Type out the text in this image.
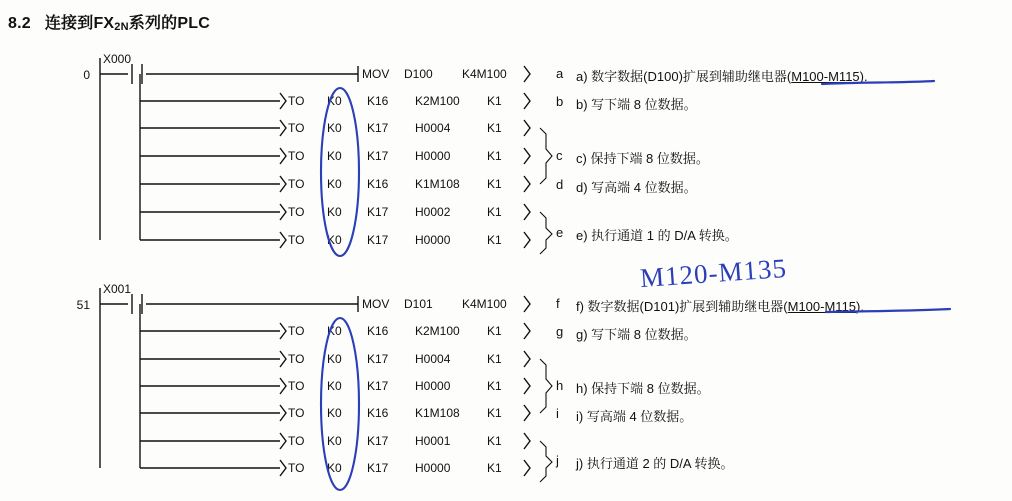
8.2 连接到FX2N系列的PLC
0
51
X000
X001
MOV D100 K4M100
TO K0 K16 K2M100 K1
TO K0 K17 H0004	K1
TO K0 K17 H0000	K1
TO K0 K16 K1M108 K1
TO K0 K17 H0002	K1
TO K0 K17 H0000	K1
a a) 数字数据(D100)扩展到辅助继电器(M100-M115).
b b) 写下端 8 位数据。
c c) 保持下端 8 位数据。
d d) 写高端 4 位数据。
e e) 执行通道 1 的 D/A 转换。
MOV D101 K4M100
TO K0 K16 K2M100 K1
TO K0 K17 H0004	K1
TO K0 K17 H0000	K1
TO K0 K16 K1M108 K1
TO K0 K17 H0001	K1
TO K0 K17 H0000	K1
f f) 数字数据(D101)扩展到辅助继电器(M100-M115).
g g) 写下端 8 位数据。
h h) 保持下端 8 位数据。
i i) 写高端 4 位数据。
j j) 执行通道 2 的 D/A 转换。
M120-M135
